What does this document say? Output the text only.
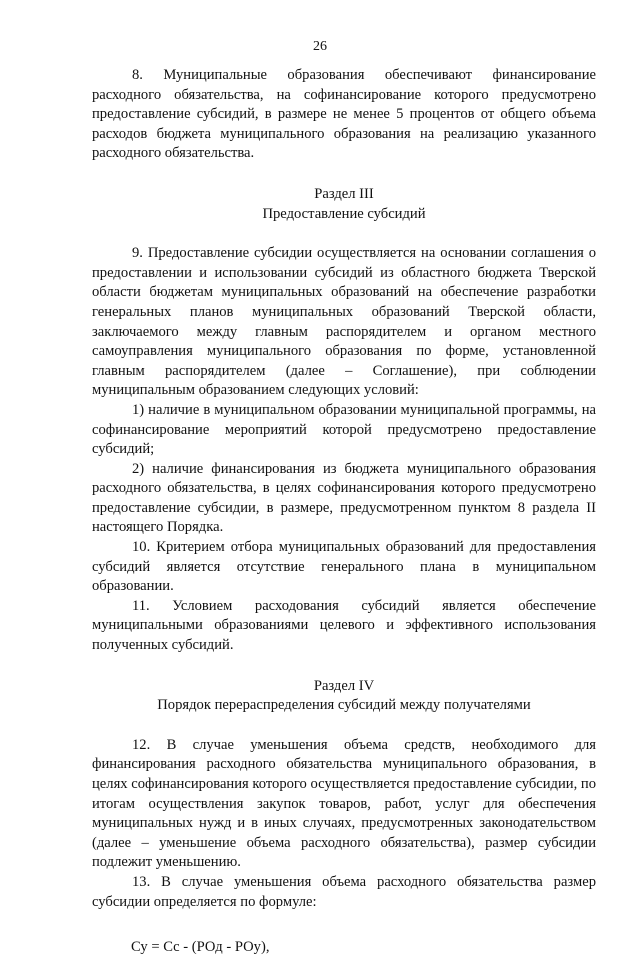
26

8. Муниципальные образования обеспечивают финансирование расходного обязательства, на софинансирование которого предусмотрено предоставление субсидий, в размере не менее 5 процентов от общего объема расходов бюджета муниципального образования на реализацию указанного расходного обязательства.

Раздел III

Предоставление субсидий

9. Предоставление субсидии осуществляется на основании соглашения о предоставлении и использовании субсидий из областного бюджета Тверской области бюджетам муниципальных образований на обеспечение разработки генеральных планов муниципальных образований Тверской области, заключаемого между главным распорядителем и органом местного самоуправления муниципального образования по форме, установленной главным распорядителем (далее – Соглашение), при соблюдении муниципальным образованием следующих условий:

1) наличие в муниципальном образовании муниципальной программы, на софинансирование мероприятий которой предусмотрено предоставление субсидий;

2) наличие финансирования из бюджета муниципального образования расходного обязательства, в целях софинансирования которого предусмотрено предоставление субсидии, в размере, предусмотренном пунктом 8 раздела II настоящего Порядка.

10. Критерием отбора муниципальных образований для предоставления субсидий является отсутствие генерального плана в муниципальном образовании.

11. Условием расходования субсидий является обеспечение муниципальными образованиями целевого и эффективного использования полученных субсидий.

Раздел IV

Порядок перераспределения субсидий между получателями

12. В случае уменьшения объема средств, необходимого для финансирования расходного обязательства муниципального образования, в целях софинансирования которого осуществляется предоставление субсидии, по итогам осуществления закупок товаров, работ, услуг для обеспечения муниципальных нужд и в иных случаях, предусмотренных законодательством (далее – уменьшение объема расходного обязательства), размер субсидии подлежит уменьшению.

13. В случае уменьшения объема расходного обязательства размер субсидии определяется по формуле:

Су = Сс - (РОд - РОу),
